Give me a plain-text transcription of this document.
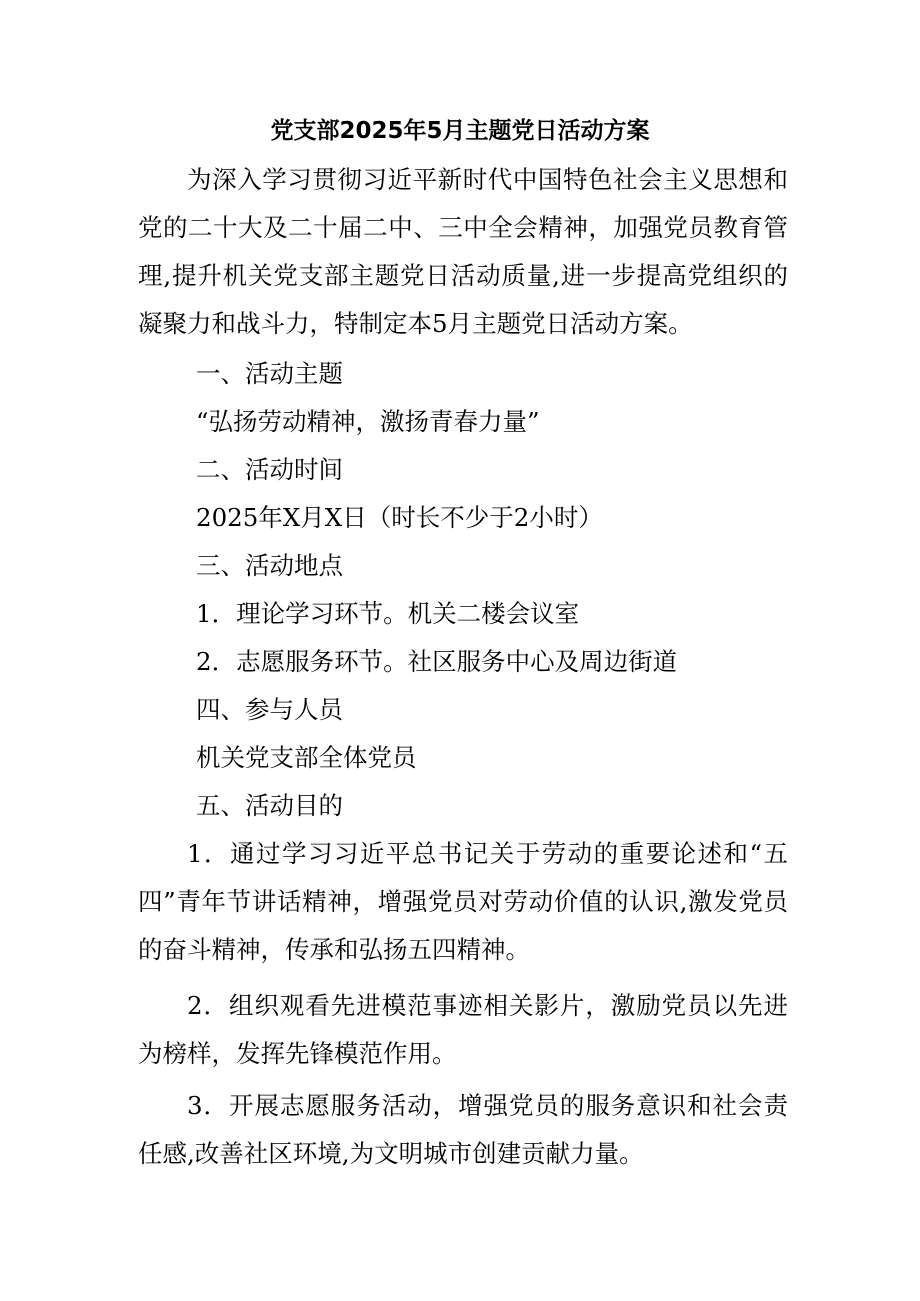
党支部2025年5月主题党日活动方案

为深入学习贯彻习近平新时代中国特色社会主义思想和党的二十大及二十届二中、三中全会精神，加强党员教育管理,提升机关党支部主题党日活动质量,进一步提高党组织的凝聚力和战斗力，特制定本5月主题党日活动方案。

一、活动主题
“弘扬劳动精神，激扬青春力量”
二、活动时间
2025年X月X日（时长不少于2小时）
三、活动地点
1．理论学习环节。机关二楼会议室
2．志愿服务环节。社区服务中心及周边街道
四、参与人员
机关党支部全体党员
五、活动目的

1．通过学习习近平总书记关于劳动的重要论述和“五四”青年节讲话精神，增强党员对劳动价值的认识,激发党员的奋斗精神，传承和弘扬五四精神。

2．组织观看先进模范事迹相关影片，激励党员以先进为榜样，发挥先锋模范作用。

3．开展志愿服务活动，增强党员的服务意识和社会责任感,改善社区环境,为文明城市创建贡献力量。
